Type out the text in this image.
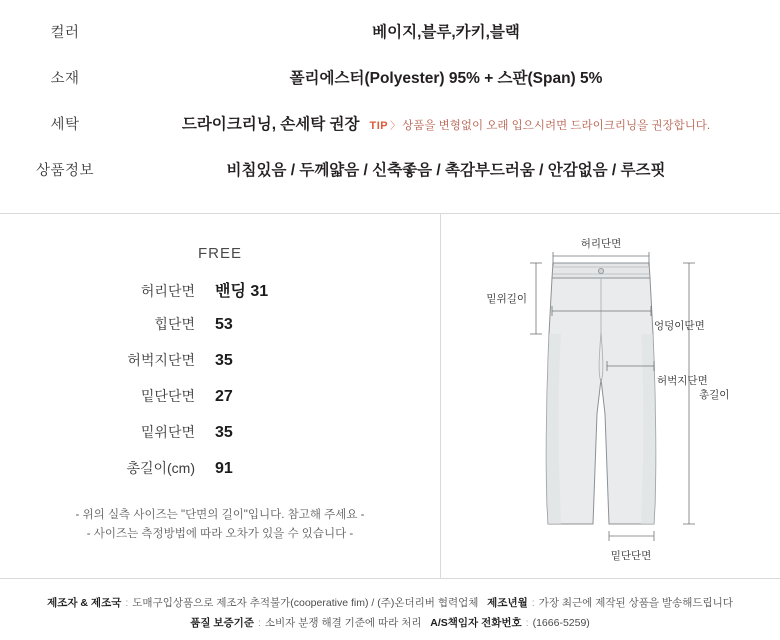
컬러	베이지,블루,카키,블랙
소재	폴리에스터(Polyester) 95% + 스판(Span) 5%
세탁	드라이크리닝, 손세탁 권장 TIP 〉 상품을 변형없이 오래 입으시려면 드라이크리닝을 권장합니다.
상품정보	비침있음 / 두께얇음 / 신축좋음 / 촉감부드러움 / 안감없음 / 루즈핏
FREE
허리단면	밴딩 31
힙단면	53
허벅지단면	35
밑단단면	27
밑위단면	35
총길이(cm)	91
- 위의 실측 사이즈는 "단면의 길이"입니다. 참고해 주세요 -
- 사이즈는 측정방법에 따라 오차가 있을 수 있습니다 -
허리단면
밑위길이
엉덩이단면
허벅지단면
총길이
밑단단면
제조자 & 제조국 : 도매구입상품으로 제조자 추적불가(cooperative fim) / (주)온더리버 협력업체 제조년월 : 가장 최근에 제작된 상품을 발송해드립니다
품질 보증기준 : 소비자 분쟁 해결 기준에 따라 처리 A/S책임자 전화번호 : (1666-5259)
